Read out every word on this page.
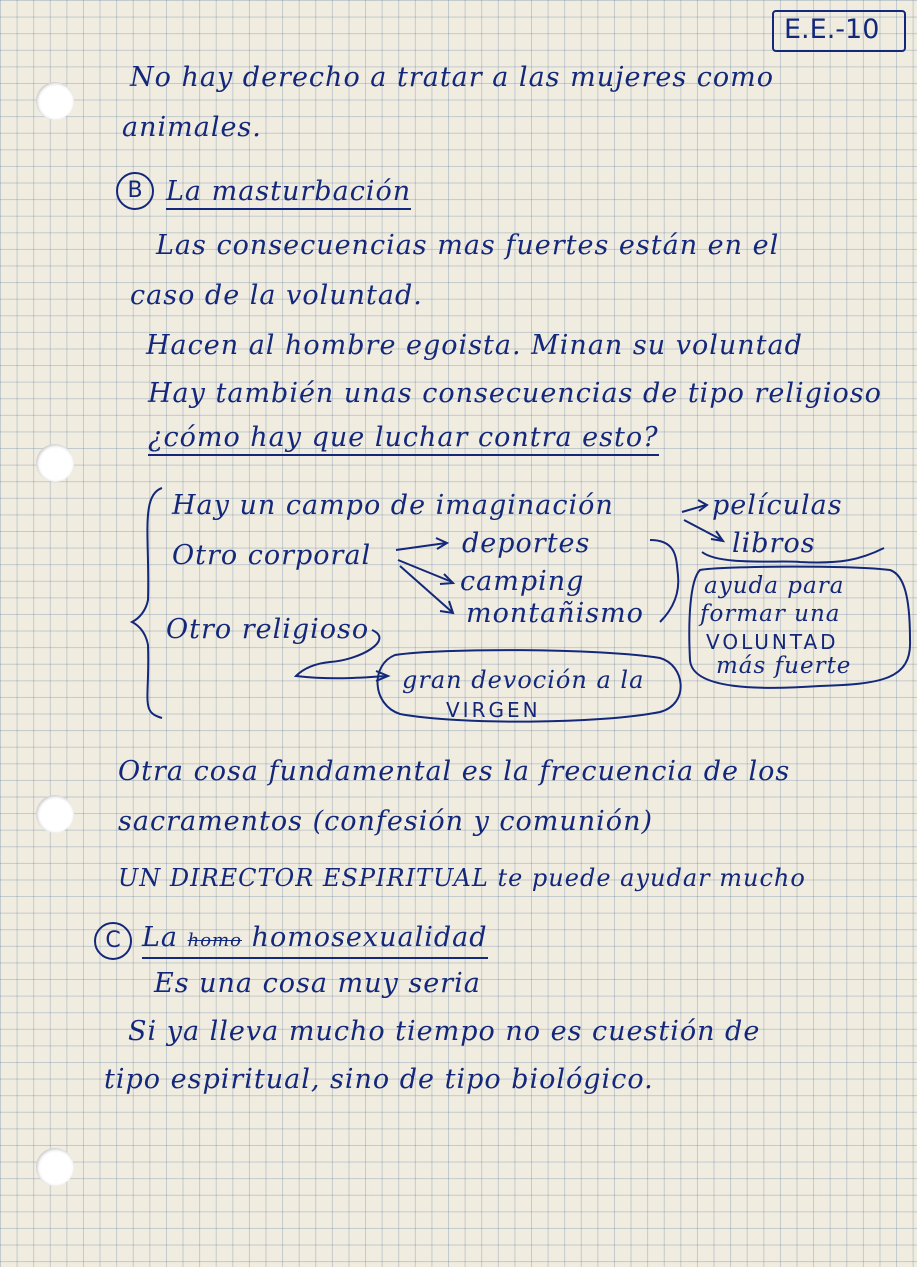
E.E.-10
No hay derecho a tratar a las mujeres como
animales.
B La masturbación
Las consecuencias mas fuertes están en el
caso de la voluntad.
Hacen al hombre egoista. Minan su voluntad
Hay también unas consecuencias de tipo religioso
¿cómo hay que luchar contra esto?
Hay un campo de imaginación	películas
libros
Otro corporal	deportes
camping
montañismo
Otro religioso
gran devoción a la
VIRGEN
ayuda para
formar una
VOLUNTAD
más fuerte
Otra cosa fundamental es la frecuencia de los
sacramentos (confesión y comunión)
UN DIRECTOR ESPIRITUAL te puede ayudar mucho
C La homo homosexualidad
Es una cosa muy seria
Si ya lleva mucho tiempo no es cuestión de
tipo espiritual, sino de tipo biológico.
